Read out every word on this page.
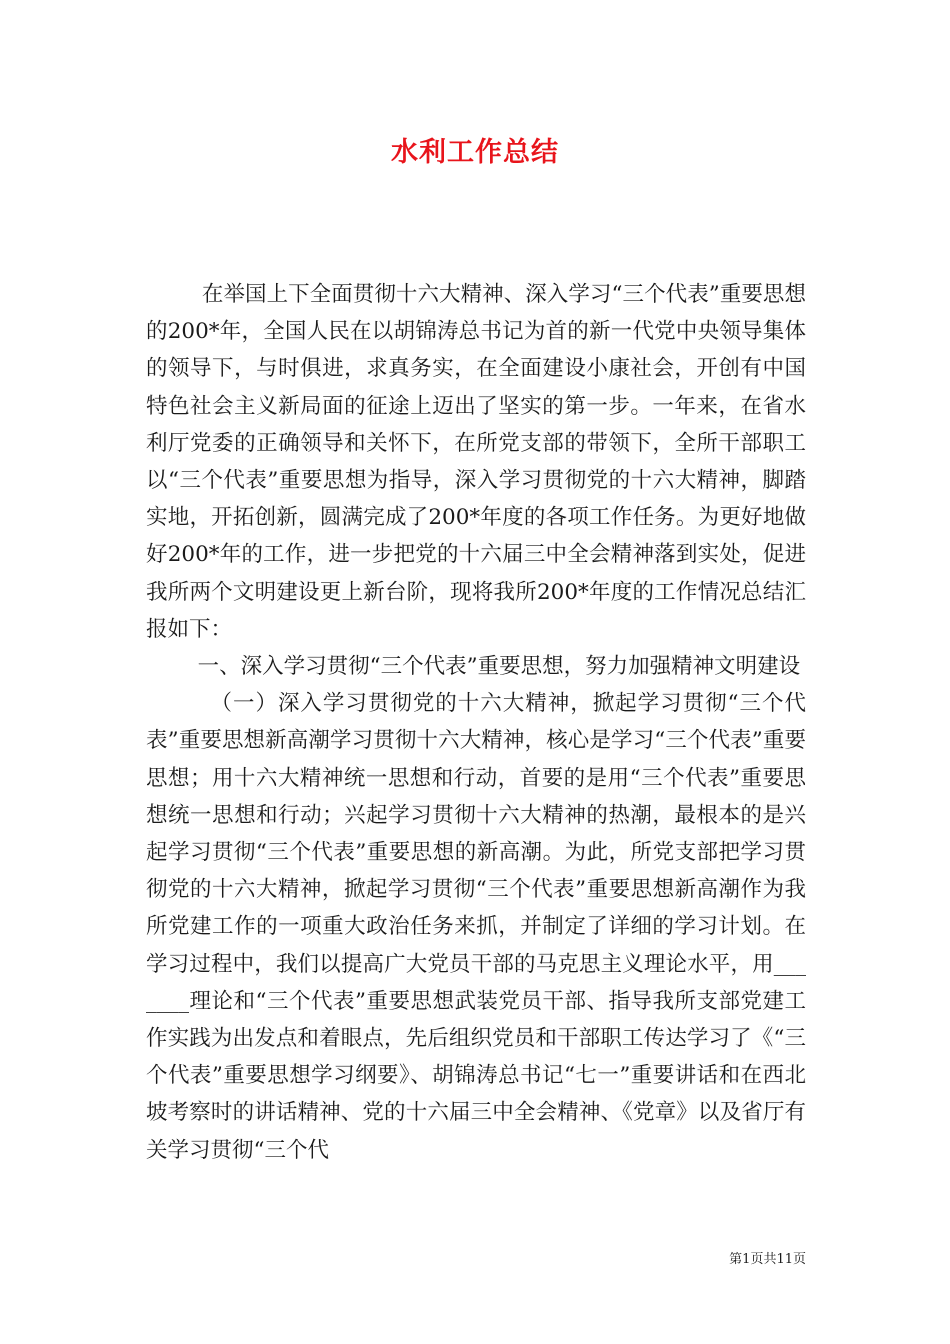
水利工作总结

在举国上下全面贯彻十六大精神、深入学习“三个代表”重要思想的200*年，全国人民在以胡锦涛总书记为首的新一代党中央领导集体的领导下，与时俱进，求真务实，在全面建设小康社会，开创有中国特色社会主义新局面的征途上迈出了坚实的第一步。一年来，在省水利厅党委的正确领导和关怀下，在所党支部的带领下，全所干部职工以“三个代表”重要思想为指导，深入学习贯彻党的十六大精神，脚踏实地，开拓创新，圆满完成了200*年度的各项工作任务。为更好地做好200*年的工作，进一步把党的十六届三中全会精神落到实处，促进我所两个文明建设更上新台阶，现将我所200*年度的工作情况总结汇报如下：

一、深入学习贯彻“三个代表”重要思想，努力加强精神文明建设

（一）深入学习贯彻党的十六大精神，掀起学习贯彻“三个代表”重要思想新高潮学习贯彻十六大精神，核心是学习“三个代表”重要思想；用十六大精神统一思想和行动，首要的是用“三个代表”重要思想统一思想和行动；兴起学习贯彻十六大精神的热潮，最根本的是兴起学习贯彻“三个代表”重要思想的新高潮。为此，所党支部把学习贯彻党的十六大精神，掀起学习贯彻“三个代表”重要思想新高潮作为我所党建工作的一项重大政治任务来抓，并制定了详细的学习计划。在学习过程中，我们以提高广大党员干部的马克思主义理论水平，用_______理论和“三个代表”重要思想武装党员干部、指导我所支部党建工作实践为出发点和着眼点，先后组织党员和干部职工传达学习了《“三个代表”重要思想学习纲要》、胡锦涛总书记“七一”重要讲话和在西北坡考察时的讲话精神、党的十六届三中全会精神、《党章》以及省厅有关学习贯彻“三个代

第1页共11页
